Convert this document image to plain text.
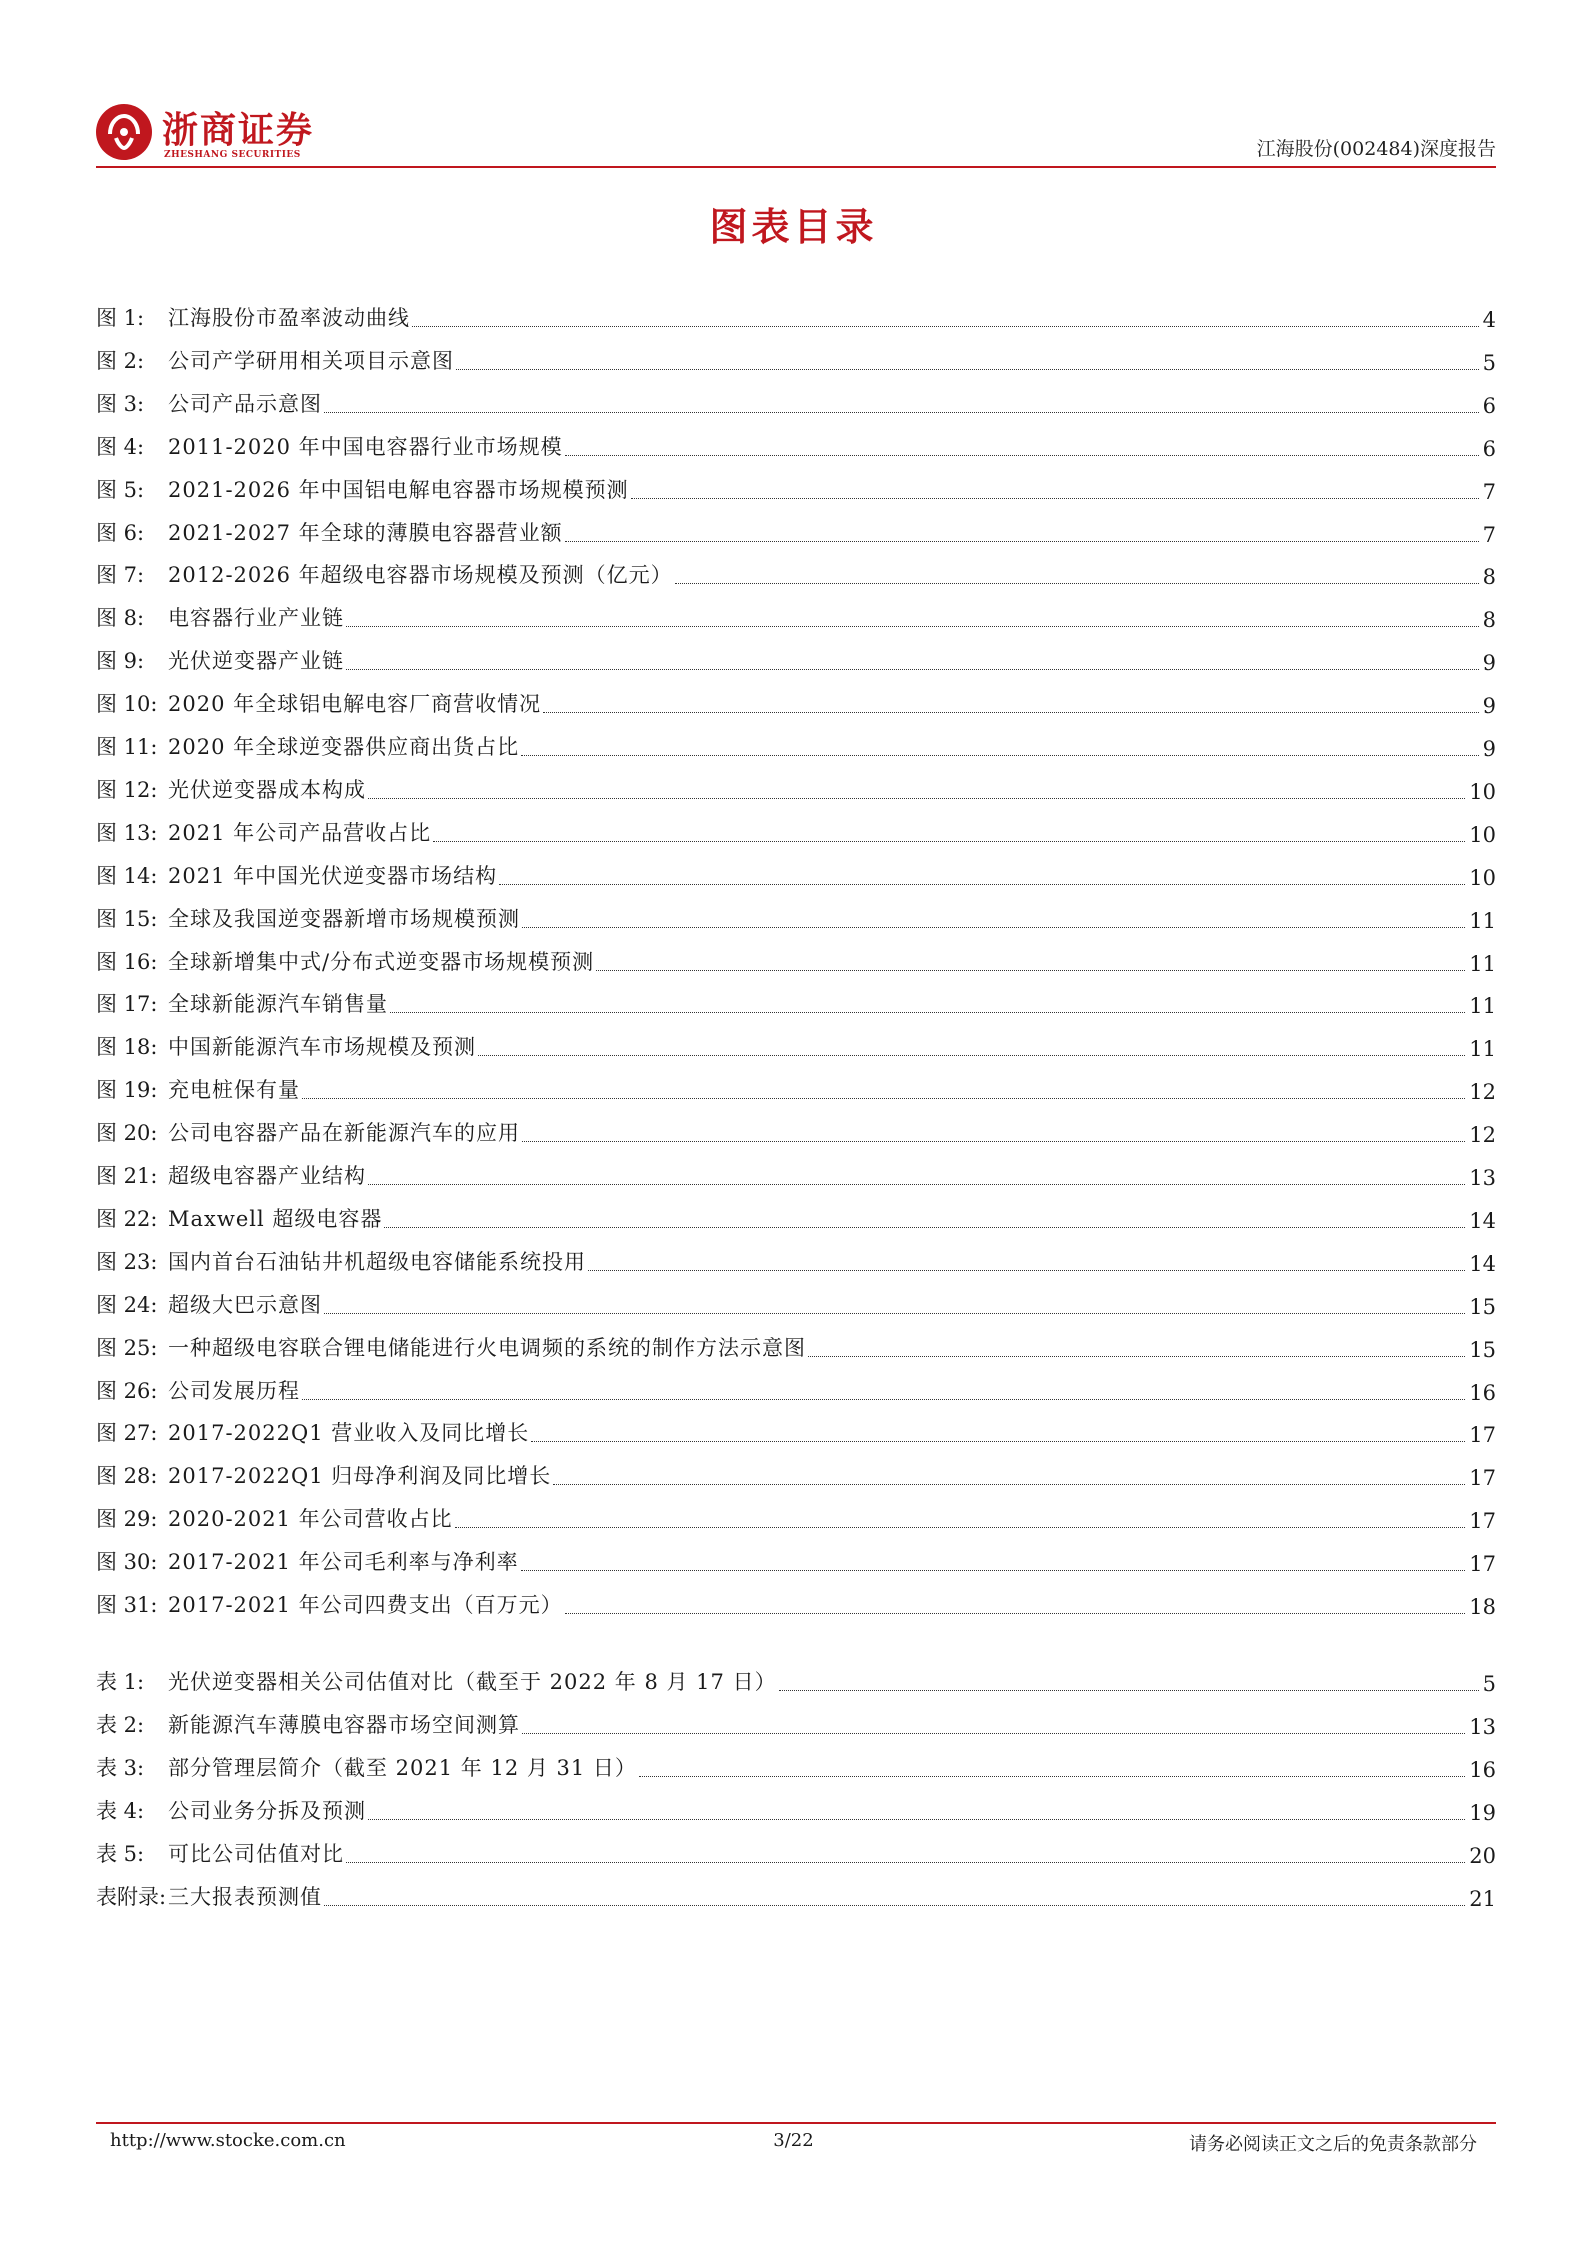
浙商证券
ZHESHANG SECURITIES	江海股份(002484)深度报告
图表目录
图 1:	江海股份市盈率波动曲线	4
图 2:	公司产学研用相关项目示意图	5
图 3:	公司产品示意图	6
图 4:	2011-2020 年中国电容器行业市场规模	6
图 5:	2021-2026 年中国铝电解电容器市场规模预测	7
图 6:	2021-2027 年全球的薄膜电容器营业额	7
图 7:	2012-2026 年超级电容器市场规模及预测（亿元）	8
图 8:	电容器行业产业链	8
图 9:	光伏逆变器产业链	9
图 10: 2020 年全球铝电解电容厂商营收情况	9
图 11: 2020 年全球逆变器供应商出货占比	9
图 12: 光伏逆变器成本构成	10
图 13: 2021 年公司产品营收占比	10
图 14: 2021 年中国光伏逆变器市场结构	10
图 15: 全球及我国逆变器新增市场规模预测	11
图 16: 全球新增集中式/分布式逆变器市场规模预测	11
图 17: 全球新能源汽车销售量	11
图 18: 中国新能源汽车市场规模及预测	11
图 19: 充电桩保有量	12
图 20: 公司电容器产品在新能源汽车的应用	12
图 21: 超级电容器产业结构	13
图 22: Maxwell 超级电容器	14
图 23: 国内首台石油钻井机超级电容储能系统投用	14
图 24: 超级大巴示意图	15
图 25: 一种超级电容联合锂电储能进行火电调频的系统的制作方法示意图	15
图 26: 公司发展历程	16
图 27: 2017-2022Q1 营业收入及同比增长	17
图 28: 2017-2022Q1 归母净利润及同比增长	17
图 29: 2020-2021 年公司营收占比	17
图 30: 2017-2021 年公司毛利率与净利率	17
图 31: 2017-2021 年公司四费支出（百万元）	18
表 1:	光伏逆变器相关公司估值对比（截至于 2022 年 8 月 17 日）	5
表 2:	新能源汽车薄膜电容器市场空间测算	13
表 3:	部分管理层简介（截至 2021 年 12 月 31 日）	16
表 4:	公司业务分拆及预测	19
表 5:	可比公司估值对比	20
表附录: 三大报表预测值	21
http://www.stocke.com.cn	3/22	请务必阅读正文之后的免责条款部分
